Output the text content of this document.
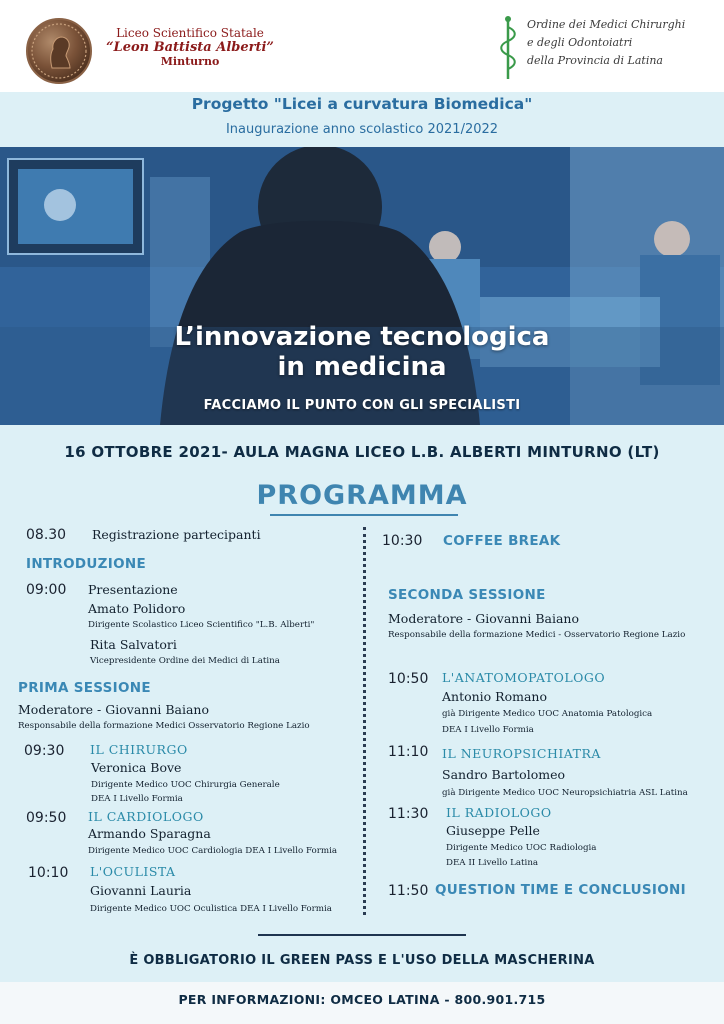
Liceo Scientifico Statale
“Leon Battista Alberti”
Minturno
Ordine dei Medici Chirurghi
e degli Odontoiatri
della Provincia di Latina
Progetto "Licei a curvatura Biomedica"
Inaugurazione anno scolastico 2021/2022
L’innovazione tecnologica
in medicina
FACCIAMO IL PUNTO CON GLI SPECIALISTI
16 OTTOBRE 2021- AULA MAGNA LICEO L.B. ALBERTI MINTURNO (LT)
PROGRAMMA
08.30 Registrazione partecipanti
INTRODUZIONE
09:00 Presentazione
Amato Polidoro
Dirigente Scolastico Liceo Scientifico "L.B. Alberti"
Rita Salvatori
Vicepresidente Ordine dei Medici di Latina
PRIMA SESSIONE
Moderatore - Giovanni Baiano
Responsabile della formazione Medici Osservatorio Regione Lazio
09:30 IL CHIRURGO
Veronica Bove
Dirigente Medico UOC Chirurgia Generale
DEA I Livello Formia
09:50 IL CARDIOLOGO
Armando Sparagna
Dirigente Medico UOC Cardiologia DEA I Livello Formia
10:10 L'OCULISTA
Giovanni Lauria
Dirigente Medico UOC Oculistica DEA I Livello Formia
10:30 COFFEE BREAK
SECONDA SESSIONE
Moderatore - Giovanni Baiano
Responsabile della formazione Medici - Osservatorio Regione Lazio
10:50 L'ANATOMOPATOLOGO
Antonio Romano
già Dirigente Medico UOC Anatomia Patologica
DEA I Livello Formia
11:10 IL NEUROPSICHIATRA
Sandro Bartolomeo
già Dirigente Medico UOC Neuropsichiatria ASL Latina
11:30 IL RADIOLOGO
Giuseppe Pelle
Dirigente Medico UOC Radiologia
DEA II Livello Latina
11:50 QUESTION TIME E CONCLUSIONI
È OBBLIGATORIO IL GREEN PASS E L'USO DELLA MASCHERINA
PER INFORMAZIONI: OMCEO LATINA - 800.901.715
